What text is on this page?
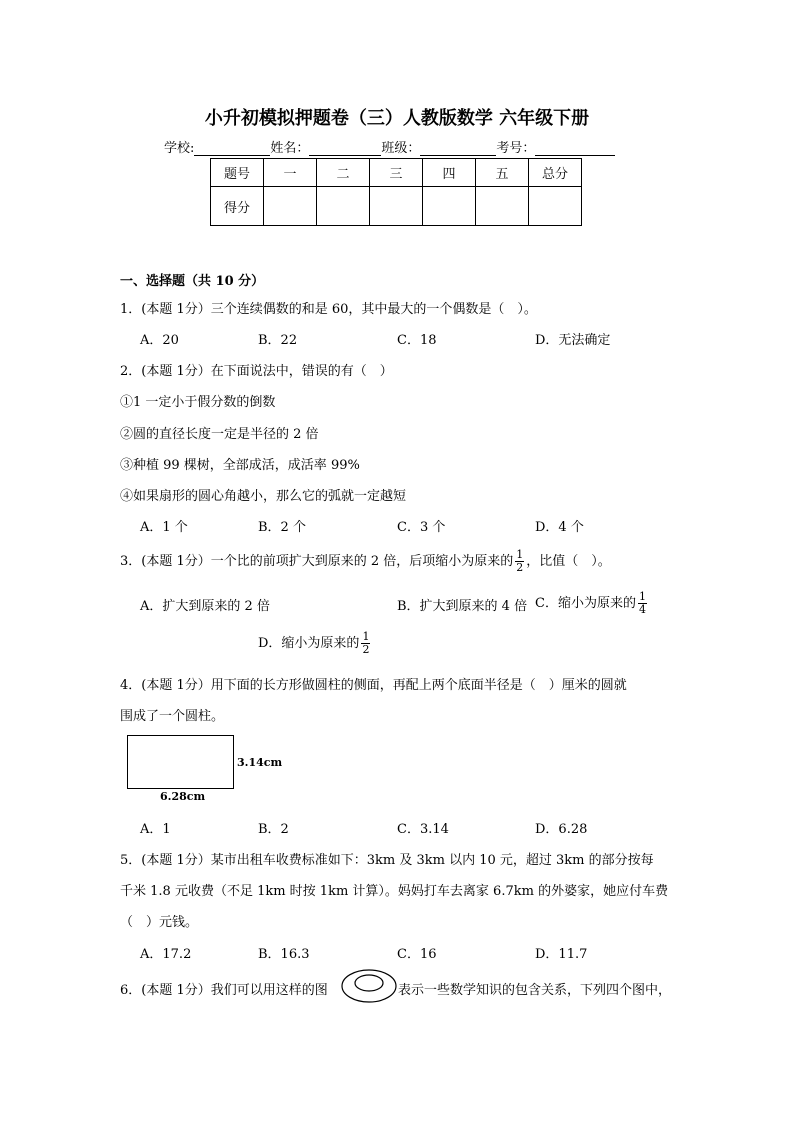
小升初模拟押题卷（三）人教版数学 六年级下册
学校:	姓名：	班级：	考号：
题号	一	二	三	四	五	总分
得分						
一、选择题（共 10 分）
1．(本题 1分）三个连续偶数的和是 60，其中最大的一个偶数是（　）。
A．20	B．22	C．18	D．无法确定
2．(本题 1分）在下面说法中，错误的有（　）
①1 一定小于假分数的倒数
②圆的直径长度一定是半径的 2 倍
③种植 99 棵树，全部成活，成活率 99%
④如果扇形的圆心角越小，那么它的弧就一定越短
A．1 个	B．2 个	C．3 个	D．4 个
3．(本题 1分）一个比的前项扩大到原来的 2 倍，后项缩小为原来的 $\frac{1}{2}$ ，比值（　）。
A．扩大到原来的 2 倍	B．扩大到原来的 4 倍 C．缩小为原来的 $\frac{1}{4}$
D．缩小为原来的 $\frac{1}{2}$
4．(本题 1分）用下面的长方形做圆柱的侧面，再配上两个底面半径是（　）厘米的圆就
围成了一个圆柱。
3.14cm
6.28cm
A．1	B．2	C．3.14	D．6.28
5．(本题 1分）某市出租车收费标准如下：3km 及 3km 以内 10 元，超过 3km 的部分按每
千米 1.8 元收费（不足 1km 时按 1km 计算）。妈妈打车去离家 6.7km 的外婆家，她应付车费
（　）元钱。
A．17.2	B．16.3	C．16	D．11.7
6．(本题 1分）我们可以用这样的图	表示一些数学知识的包含关系，下列四个图中，
